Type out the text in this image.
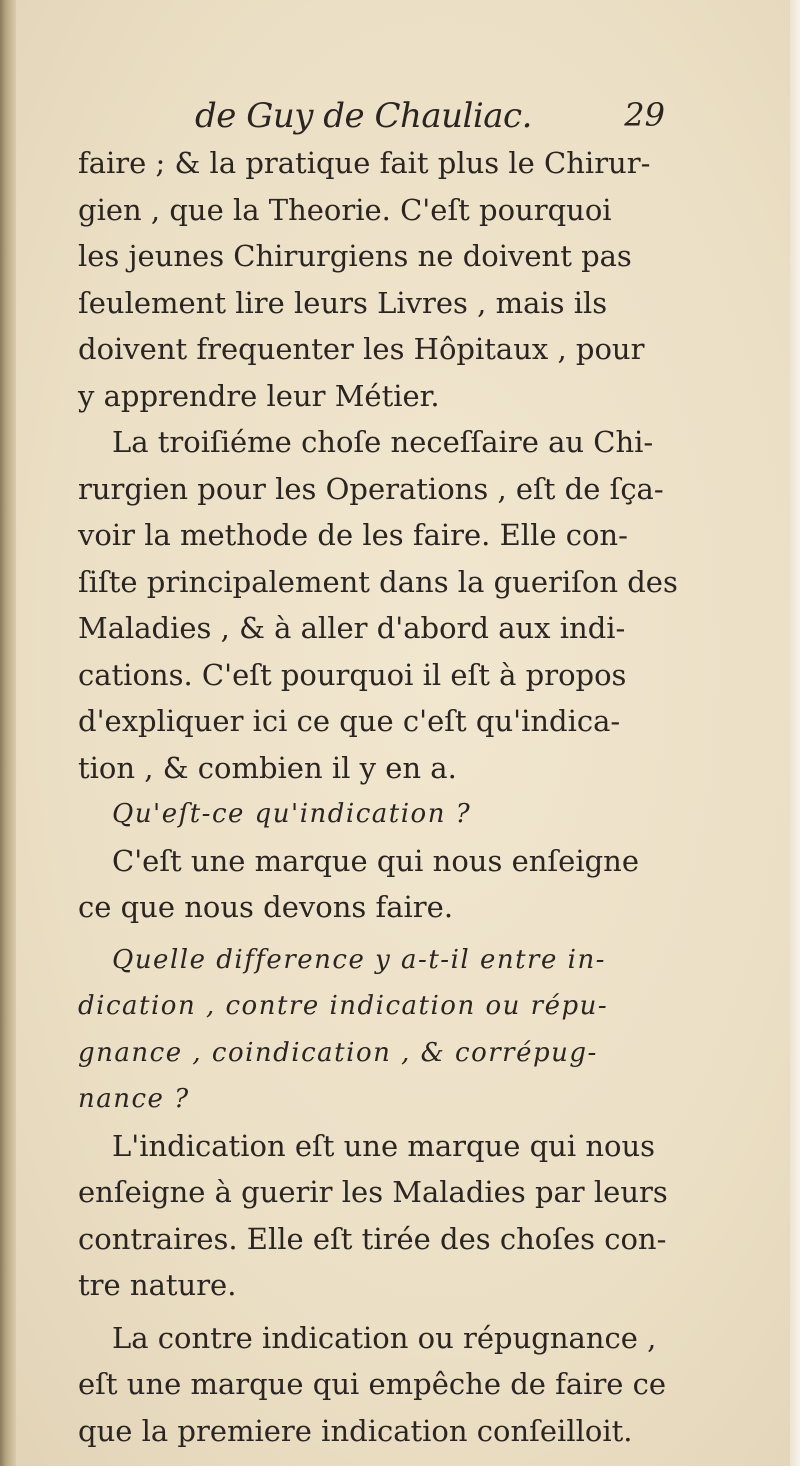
de Guy de Chauliac.	29
faire ; & la pratique fait plus le Chirur-
gien , que la Theorie. C'eſt pourquoi
les jeunes Chirurgiens ne doivent pas
ſeulement lire leurs Livres , mais ils
doivent frequenter les Hôpitaux , pour
y apprendre leur Métier.
La troiſiéme choſe neceſſaire au Chi-
rurgien pour les Operations , eſt de ſça-
voir la methode de les faire. Elle con-
ſiſte principalement dans la gueriſon des
Maladies , & à aller d'abord aux indi-
cations. C'eſt pourquoi il eſt à propos
d'expliquer ici ce que c'eſt qu'indica-
tion , & combien il y en a.
Qu'eſt-ce qu'indication ?
C'eſt une marque qui nous enſeigne
ce que nous devons faire.
Quelle difference y a-t-il entre in-
dication , contre indication ou répu-
gnance , coindication , & corrépug-
nance ?
L'indication eſt une marque qui nous
enſeigne à guerir les Maladies par leurs
contraires. Elle eſt tirée des choſes con-
tre nature.
La contre indication ou répugnance ,
eſt une marque qui empêche de faire ce
que la premiere indication conſeilloit.
